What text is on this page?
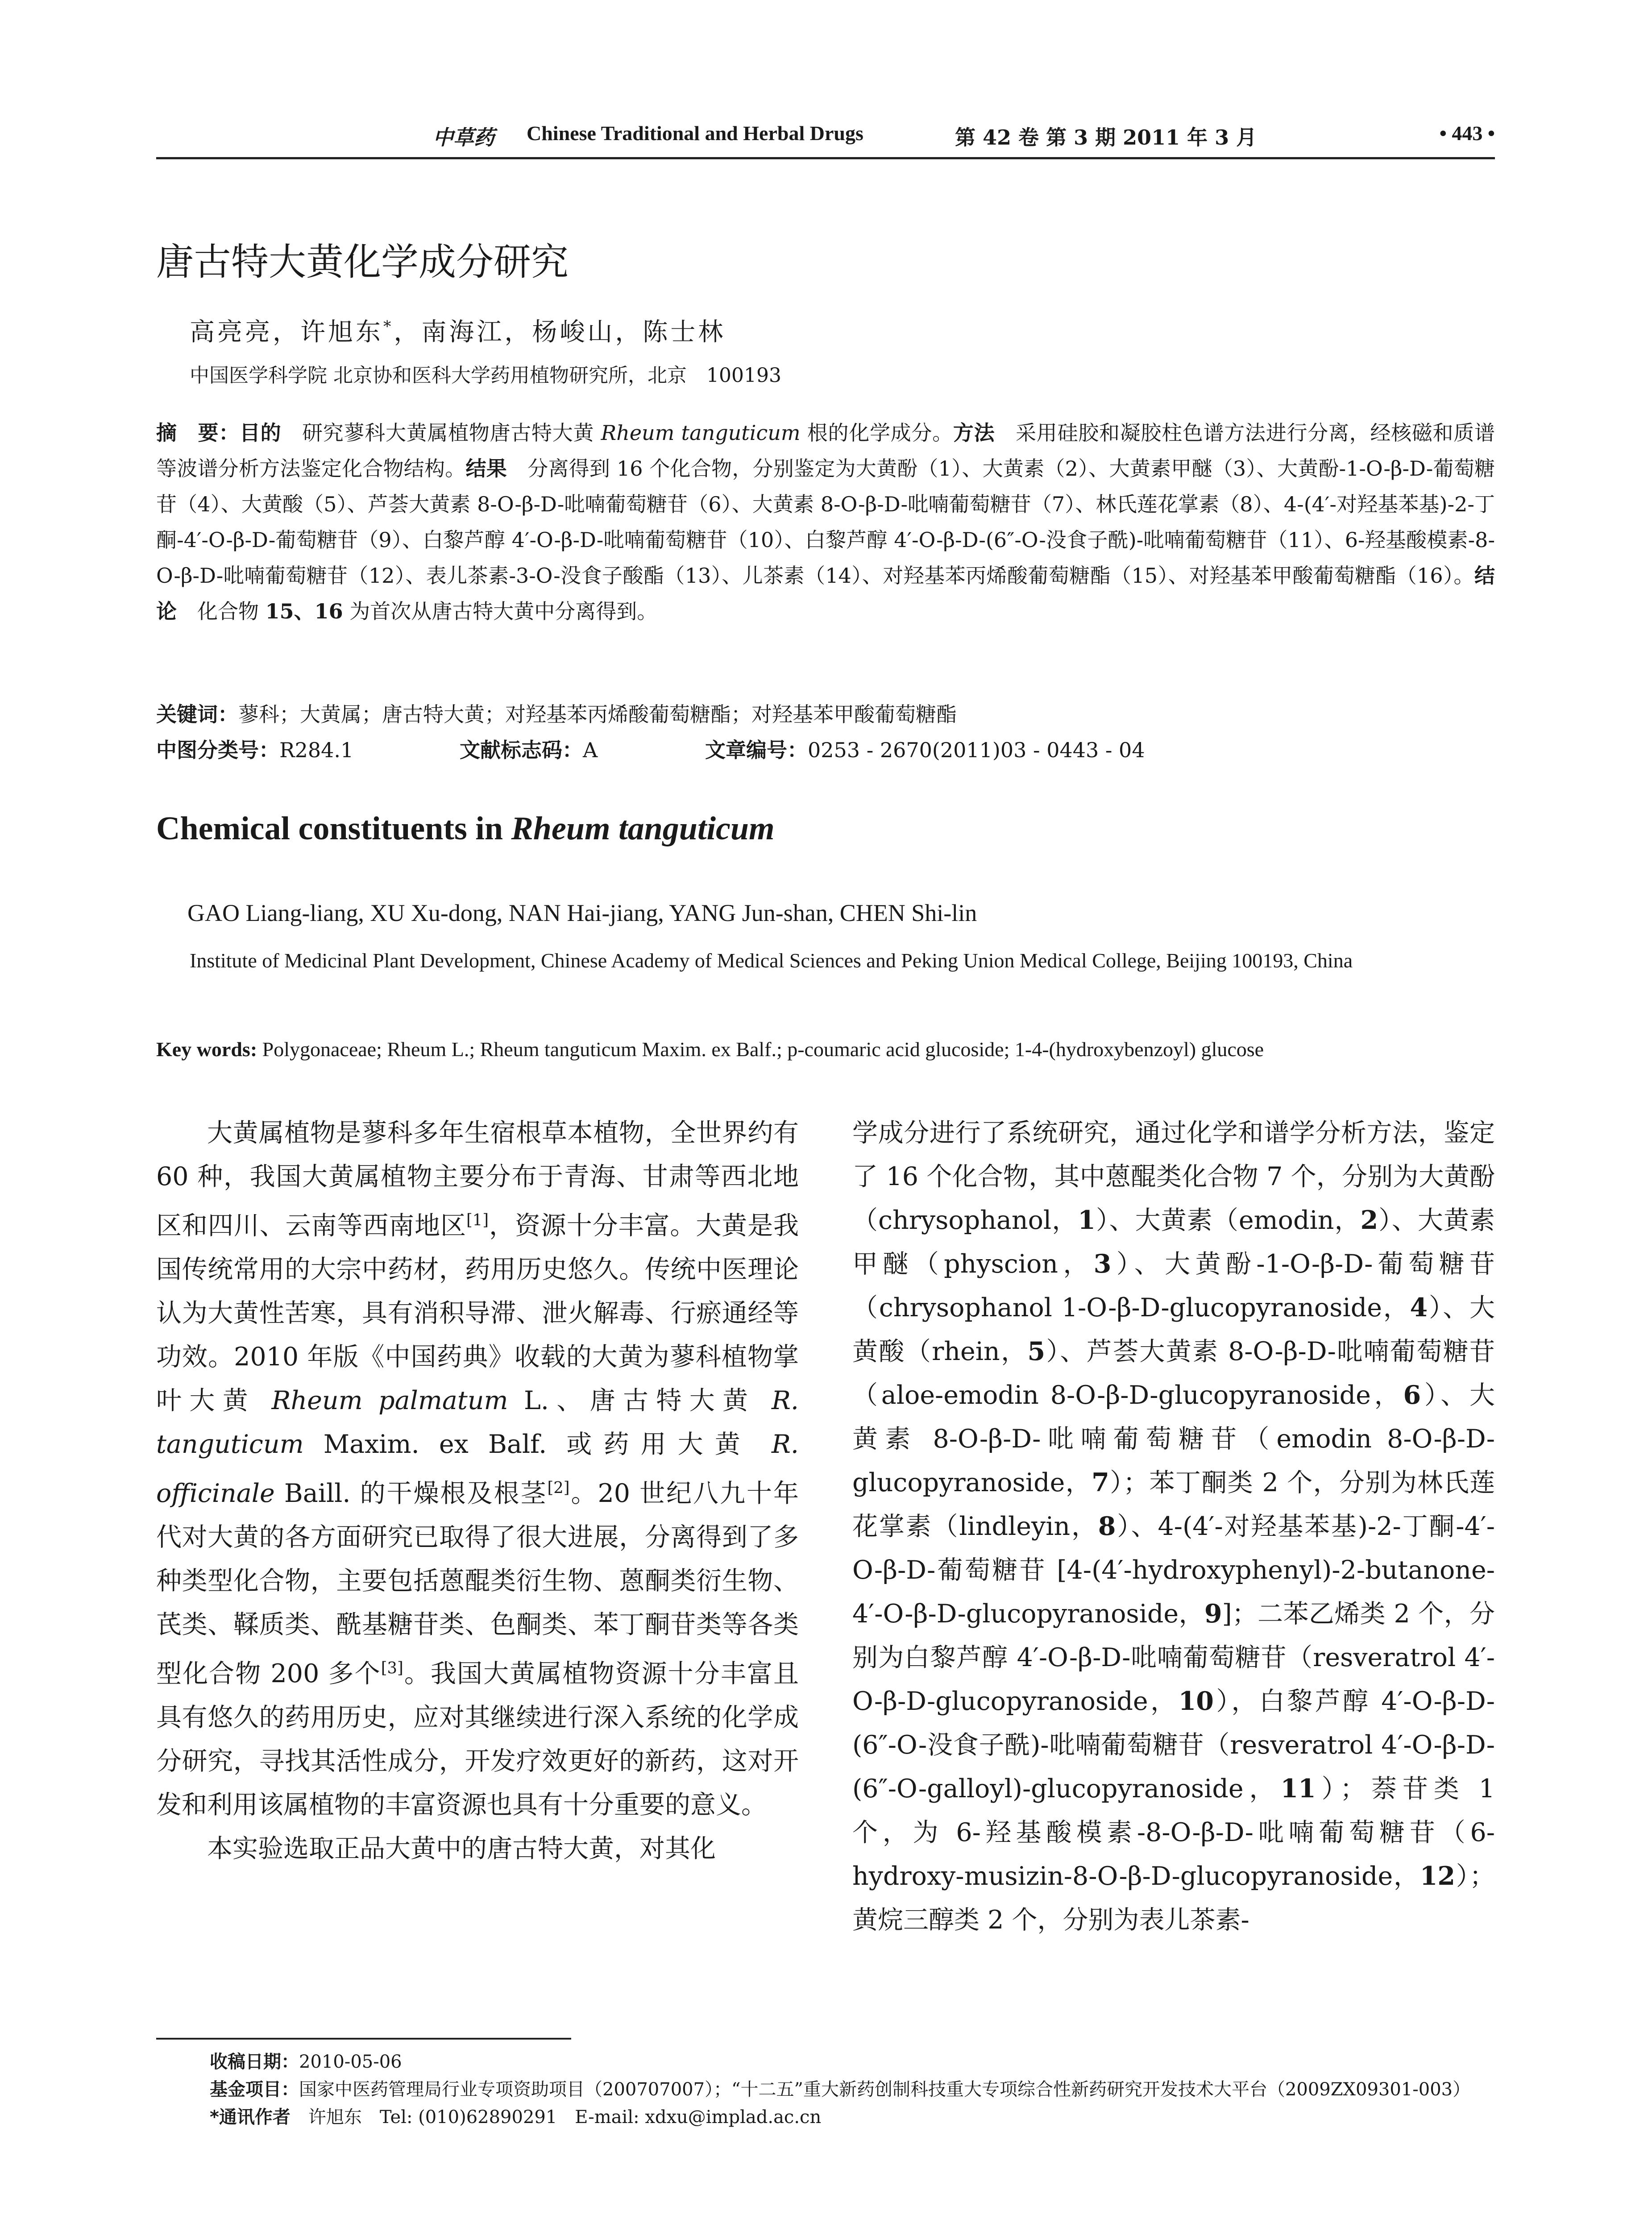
中草药 Chinese Traditional and Herbal Drugs	第 42 卷 第 3 期 2011 年 3 月	• 443 •
唐古特大黄化学成分研究
高亮亮，许旭东*，南海江，杨峻山，陈士林
中国医学科学院 北京协和医科大学药用植物研究所，北京　100193
摘　要：目的　研究蓼科大黄属植物唐古特大黄 Rheum tanguticum 根的化学成分。方法　采用硅胶和凝胶柱色谱方法进行分离，经核磁和质谱等波谱分析方法鉴定化合物结构。结果　分离得到 16 个化合物，分别鉴定为大黄酚（1）、大黄素（2）、大黄素甲醚（3）、大黄酚-1-O-β-D-葡萄糖苷（4）、大黄酸（5）、芦荟大黄素 8-O-β-D-吡喃葡萄糖苷（6）、大黄素 8-O-β-D-吡喃葡萄糖苷（7）、林氏莲花掌素（8）、4-(4′-对羟基苯基)-2-丁酮-4′-O-β-D-葡萄糖苷（9）、白黎芦醇 4′-O-β-D-吡喃葡萄糖苷（10）、白黎芦醇 4′-O-β-D-(6″-O-没食子酰)-吡喃葡萄糖苷（11）、6-羟基酸模素-8-O-β-D-吡喃葡萄糖苷（12）、表儿茶素-3-O-没食子酸酯（13）、儿茶素（14）、对羟基苯丙烯酸葡萄糖酯（15）、对羟基苯甲酸葡萄糖酯（16）。结论　化合物 15、16 为首次从唐古特大黄中分离得到。
关键词：蓼科；大黄属；唐古特大黄；对羟基苯丙烯酸葡萄糖酯；对羟基苯甲酸葡萄糖酯
中图分类号：R284.1	文献标志码：A	文章编号：0253 - 2670(2011)03 - 0443 - 04
Chemical constituents in Rheum tanguticum
GAO Liang-liang, XU Xu-dong, NAN Hai-jiang, YANG Jun-shan, CHEN Shi-lin
Institute of Medicinal Plant Development, Chinese Academy of Medical Sciences and Peking Union Medical College, Beijing 100193, China
Key words: Polygonaceae; Rheum L.; Rheum tanguticum Maxim. ex Balf.; p-coumaric acid glucoside; 1-4-(hydroxybenzoyl) glucose

大黄属植物是蓼科多年生宿根草本植物，全世界约有 60 种，我国大黄属植物主要分布于青海、甘肃等西北地区和四川、云南等西南地区[1]，资源十分丰富。大黄是我国传统常用的大宗中药材，药用历史悠久。传统中医理论认为大黄性苦寒，具有消积导滞、泄火解毒、行瘀通经等功效。2010 年版《中国药典》收载的大黄为蓼科植物掌叶大黄 Rheum palmatum L.、唐古特大黄 R. tanguticum Maxim. ex Balf. 或药用大黄 R. officinale Baill. 的干燥根及根茎[2]。20 世纪八九十年代对大黄的各方面研究已取得了很大进展，分离得到了多种类型化合物，主要包括蒽醌类衍生物、蒽酮类衍生物、芪类、鞣质类、酰基糖苷类、色酮类、苯丁酮苷类等各类型化合物 200 多个[3]。我国大黄属植物资源十分丰富且具有悠久的药用历史，应对其继续进行深入系统的化学成分研究，寻找其活性成分，开发疗效更好的新药，这对开发和利用该属植物的丰富资源也具有十分重要的意义。

本实验选取正品大黄中的唐古特大黄，对其化

学成分进行了系统研究，通过化学和谱学分析方法，鉴定了 16 个化合物，其中蒽醌类化合物 7 个，分别为大黄酚（chrysophanol，1）、大黄素（emodin，2）、大黄素甲醚（physcion，3）、大黄酚-1-O-β-D-葡萄糖苷（chrysophanol 1-O-β-D-glucopyranoside，4）、大黄酸（rhein，5）、芦荟大黄素 8-O-β-D-吡喃葡萄糖苷（aloe-emodin 8-O-β-D-glucopyranoside，6）、大黄素 8-O-β-D-吡喃葡萄糖苷（emodin 8-O-β-D-glucopyranoside，7）；苯丁酮类 2 个，分别为林氏莲花掌素（lindleyin，8）、4-(4′-对羟基苯基)-2-丁酮-4′-O-β-D-葡萄糖苷 [4-(4′-hydroxyphenyl)-2-butanone-4′-O-β-D-glucopyranoside，9]；二苯乙烯类 2 个，分别为白黎芦醇 4′-O-β-D-吡喃葡萄糖苷（resveratrol 4′-O-β-D-glucopyranoside，10），白黎芦醇 4′-O-β-D-(6″-O-没食子酰)-吡喃葡萄糖苷（resveratrol 4′-O-β-D-(6″-O-galloyl)-glucopyranoside，11）；萘苷类 1 个，为 6-羟基酸模素-8-O-β-D-吡喃葡萄糖苷（6-hydroxy-musizin-8-O-β-D-glucopyranoside，12）；黄烷三醇类 2 个，分别为表儿茶素-

收稿日期：2010-05-06
基金项目：国家中医药管理局行业专项资助项目（200707007）；“十二五”重大新药创制科技重大专项综合性新药研究开发技术大平台（2009ZX09301-003）
*通讯作者　许旭东　Tel: (010)62890291　E-mail: xdxu@implad.ac.cn
